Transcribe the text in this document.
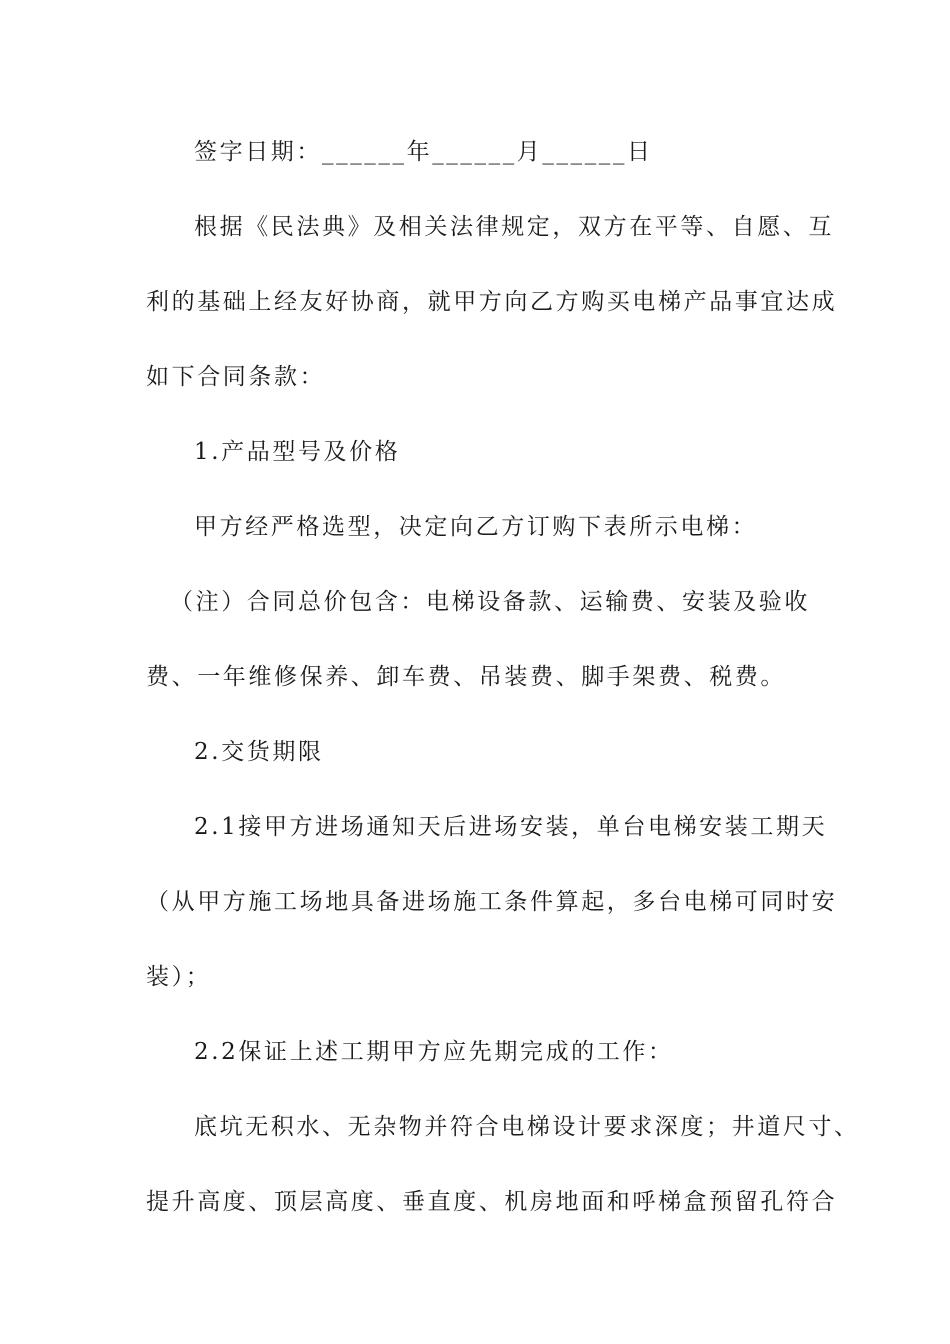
签字日期：______年______月______日
根据《民法典》及相关法律规定，双方在平等、自愿、互
利的基础上经友好协商，就甲方向乙方购买电梯产品事宜达成
如下合同条款：
1.产品型号及价格
甲方经严格选型，决定向乙方订购下表所示电梯：
（注）合同总价包含：电梯设备款、运输费、安装及验收
费、一年维修保养、卸车费、吊装费、脚手架费、税费。
2.交货期限
2.1接甲方进场通知天后进场安装，单台电梯安装工期天
（从甲方施工场地具备进场施工条件算起，多台电梯可同时安
装）；
2.2保证上述工期甲方应先期完成的工作：
底坑无积水、无杂物并符合电梯设计要求深度；井道尺寸、
提升高度、顶层高度、垂直度、机房地面和呼梯盒预留孔符合
